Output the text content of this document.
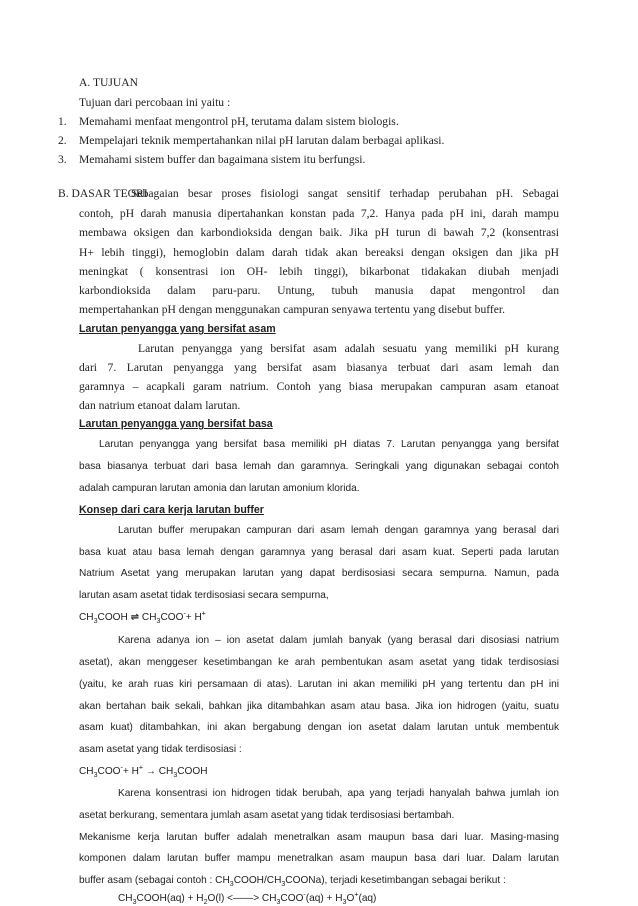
A. TUJUAN
Tujuan dari percobaan ini yaitu :
1. Memahami menfaat mengontrol pH, terutama dalam sistem biologis.
2. Mempelajari teknik mempertahankan nilai pH larutan dalam berbagai aplikasi.
3. Memahami sistem buffer dan bagaimana sistem itu berfungsi.
B. DASAR TEORI
Sebagaian besar proses fisiologi sangat sensitif terhadap perubahan pH. Sebagai
contoh, pH darah manusia dipertahankan konstan pada 7,2. Hanya pada pH ini, darah mampu
membawa oksigen dan karbondioksida dengan baik. Jika pH turun di bawah 7,2 (konsentrasi
H+ lebih tinggi), hemoglobin dalam darah tidak akan bereaksi dengan oksigen dan jika pH
meningkat ( konsentrasi ion OH- lebih tinggi), bikarbonat tidakakan diubah menjadi
karbondioksida dalam paru-paru. Untung, tubuh manusia dapat mengontrol dan
mempertahankan pH dengan menggunakan campuran senyawa tertentu yang disebut buffer.
Larutan penyangga yang bersifat asam
Larutan penyangga yang bersifat asam adalah sesuatu yang memiliki pH kurang
dari 7. Larutan penyangga yang bersifat asam biasanya terbuat dari asam lemah dan
garamnya – acapkali garam natrium. Contoh yang biasa merupakan campuran asam etanoat
dan natrium etanoat dalam larutan.
Larutan penyangga yang bersifat basa
Larutan penyangga yang bersifat basa memiliki pH diatas 7. Larutan penyangga yang bersifat
basa biasanya terbuat dari basa lemah dan garamnya. Seringkali yang digunakan sebagai contoh
adalah campuran larutan amonia dan larutan amonium klorida.
Konsep dari cara kerja larutan buffer
Larutan buffer merupakan campuran dari asam lemah dengan garamnya yang berasal dari
basa kuat atau basa lemah dengan garamnya yang berasal dari asam kuat. Seperti pada larutan
Natrium Asetat yang merupakan larutan yang dapat berdisosiasi secara sempurna. Namun, pada
larutan asam asetat tidak terdisosiasi secara sempurna,
$CH_3COOH$ ⇌ $CH_3COO^-+ H^+$
Karena adanya ion – ion asetat dalam jumlah banyak (yang berasal dari disosiasi natrium
asetat), akan menggeser kesetimbangan ke arah pembentukan asam asetat yang tidak terdisosiasi
(yaitu, ke arah ruas kiri persamaan di atas). Larutan ini akan memiliki pH yang tertentu dan pH ini
akan bertahan baik sekali, bahkan jika ditambahkan asam atau basa. Jika ion hidrogen (yaitu, suatu
asam kuat) ditambahkan, ini akan bergabung dengan ion asetat dalam larutan untuk membentuk
asam asetat yang tidak terdisosiasi :
$CH_3COO^-+ H^+$ → $CH_3COOH$
Karena konsentrasi ion hidrogen tidak berubah, apa yang terjadi hanyalah bahwa jumlah ion
asetat berkurang, sementara jumlah asam asetat yang tidak terdisosiasi bertambah.
Mekanisme kerja larutan buffer adalah menetralkan asam maupun basa dari luar. Masing-masing
komponen dalam larutan buffer mampu menetralkan asam maupun basa dari luar. Dalam larutan
buffer asam (sebagai contoh : $CH_3COOH/CH_3COONa$), terjadi kesetimbangan sebagai berikut :
$CH_3COOH(aq) + H_2O(l)$ <——> $CH_3COO^-(aq) + H_3O^+(aq)$
